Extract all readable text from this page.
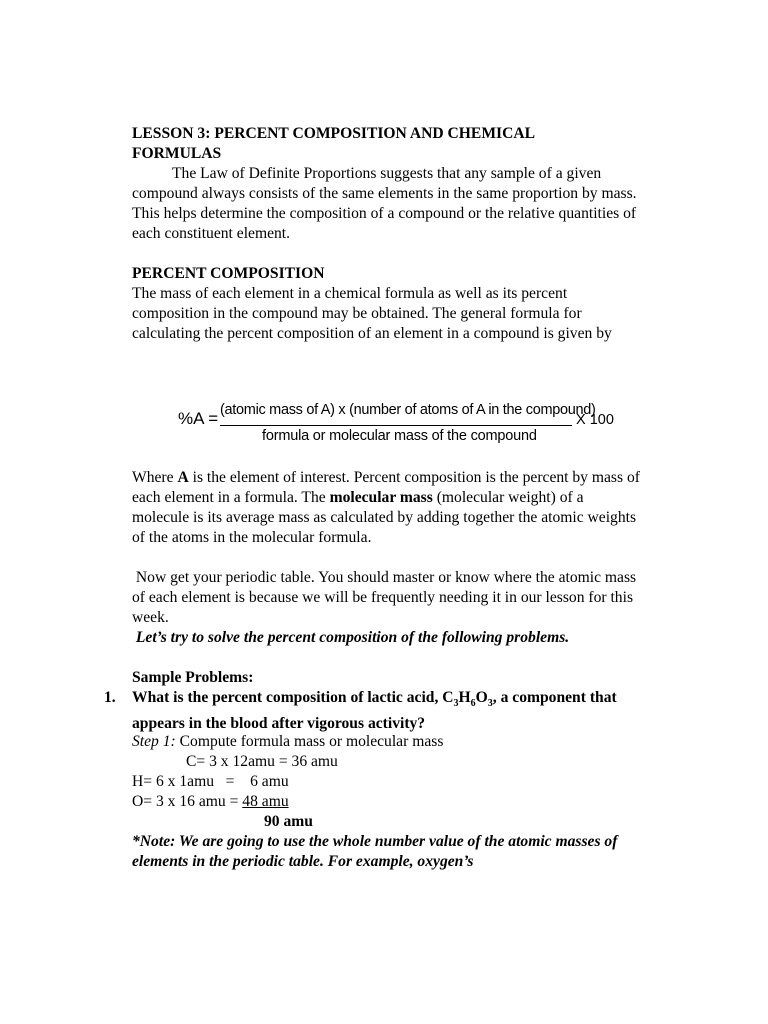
LESSON 3: PERCENT COMPOSITION AND CHEMICAL
FORMULAS
The Law of Definite Proportions suggests that any sample of a given compound always consists of the same elements in the same proportion by mass. This helps determine the composition of a compound or the relative quantities of each constituent element.
PERCENT COMPOSITION
The mass of each element in a chemical formula as well as its percent composition in the compound may be obtained. The general formula for calculating the percent composition of an element in a compound is given by
%A = (atomic mass of A) x (number of atoms of A in the compound)
formula or molecular mass of the compound
X 100
Where A is the element of interest. Percent composition is the percent by mass of each element in a formula. The molecular mass (molecular weight) of a molecule is its average mass as calculated by adding together the atomic weights of the atoms in the molecular formula.
Now get your periodic table. You should master or know where the atomic mass of each element is because we will be frequently needing it in our lesson for this week.
Let’s try to solve the percent composition of the following problems.
Sample Problems:
1. What is the percent composition of lactic acid, $C_3H_6O_3$, a component that appears in the blood after vigorous activity?
Step 1: Compute formula mass or molecular mass
C= 3 x 12amu = 36 amu
H= 6 x 1amu   =    6 amu
O= 3 x 16 amu = 48 amu
90 amu
*Note: We are going to use the whole number value of the atomic masses of elements in the periodic table. For example, oxygen’s
